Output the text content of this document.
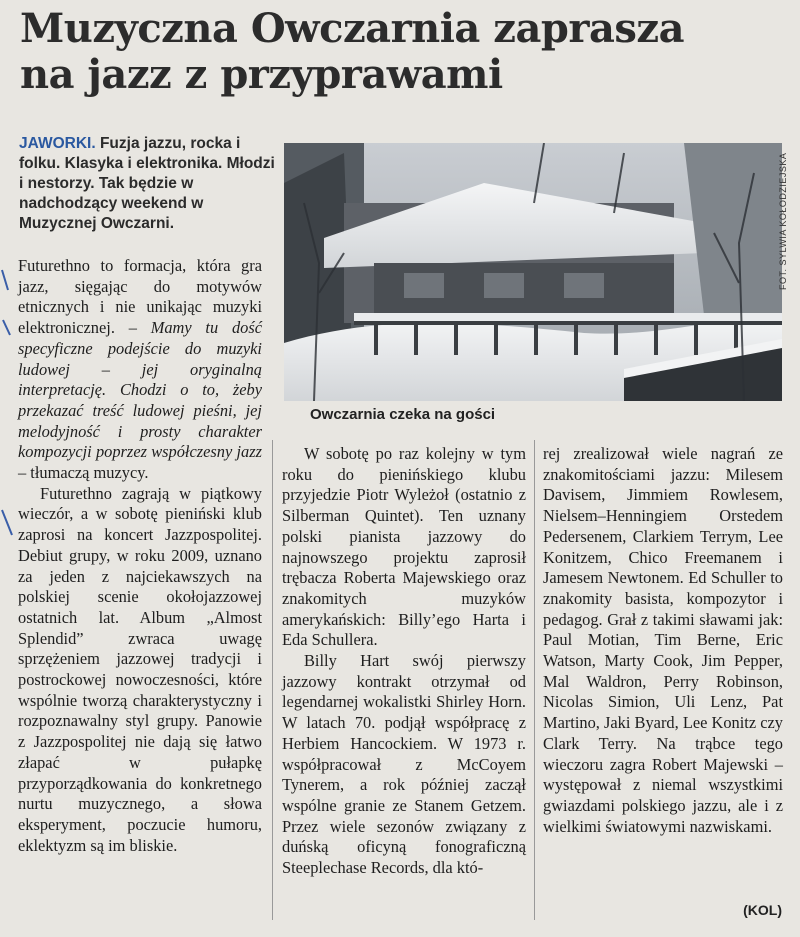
Muzyczna Owczarnia zaprasza na jazz z przyprawami
JAWORKI. Fuzja jazzu, rocka i folku. Klasyka i elektronika. Młodzi i nestorzy. Tak będzie w nadchodzący weekend w Muzycznej Owczarni.	FOT. SYLWIA KOŁODZIEJSKA
Owczarnia czeka na gości

Futurethno to formacja, która gra jazz, sięgając do motywów etnicznych i nie unikając muzyki elektronicznej. – Mamy tu dość specyficzne podejście do muzyki ludowej – jej oryginalną interpretację. Chodzi o to, żeby przekazać treść ludowej pieśni, jej melodyjność i prosty charakter kompozycji poprzez współczesny jazz – tłumaczą muzycy.

Futurethno zagrają w piątkowy wieczór, a w sobotę pieniński klub zaprosi na koncert Jazzpospolitej. Debiut grupy, w roku 2009, uznano za jeden z najciekawszych na polskiej scenie okołojazzowej ostatnich lat. Album „Almost Splendid” zwraca uwagę sprzężeniem jazzowej tradycji i postrockowej nowoczesności, które wspólnie tworzą charakterystyczny i rozpoznawalny styl grupy. Panowie z Jazzpospolitej nie dają się łatwo złapać w pułapkę przyporządkowania do konkretnego nurtu muzycznego, a słowa eksperyment, poczucie humoru, eklektyzm są im bliskie.

W sobotę po raz kolejny w tym roku do pienińskiego klubu przyjedzie Piotr Wyleżoł (ostatnio z Silberman Quintet). Ten uznany polski pianista jazzowy do najnowszego projektu zaprosił trębacza Roberta Majewskiego oraz znakomitych muzyków amerykańskich: Billy’ego Harta i Eda Schullera.

Billy Hart swój pierwszy jazzowy kontrakt otrzymał od legendarnej wokalistki Shirley Horn. W latach 70. podjął współpracę z Herbiem Hancockiem. W 1973 r. współpracował z McCoyem Tynerem, a rok później zaczął wspólne granie ze Stanem Getzem. Przez wiele sezonów związany z duńską oficyną fonograficzną Steeplechase Records, dla któ-

rej zrealizował wiele nagrań ze znakomitościami jazzu: Milesem Davisem, Jimmiem Rowlesem, Nielsem–Henningiem Orstedem Pedersenem, Clarkiem Terrym, Lee Konitzem, Chico Freemanem i Jamesem Newtonem. Ed Schuller to znakomity basista, kompozytor i pedagog. Grał z takimi sławami jak: Paul Motian, Tim Berne, Eric Watson, Marty Cook, Jim Pepper, Mal Waldron, Perry Robinson, Nicolas Simion, Uli Lenz, Pat Martino, Jaki Byard, Lee Konitz czy Clark Terry. Na trąbce tego wieczoru zagra Robert Majewski – występował z niemal wszystkimi gwiazdami polskiego jazzu, ale i z wielkimi światowymi nazwiskami.

(KOL)
